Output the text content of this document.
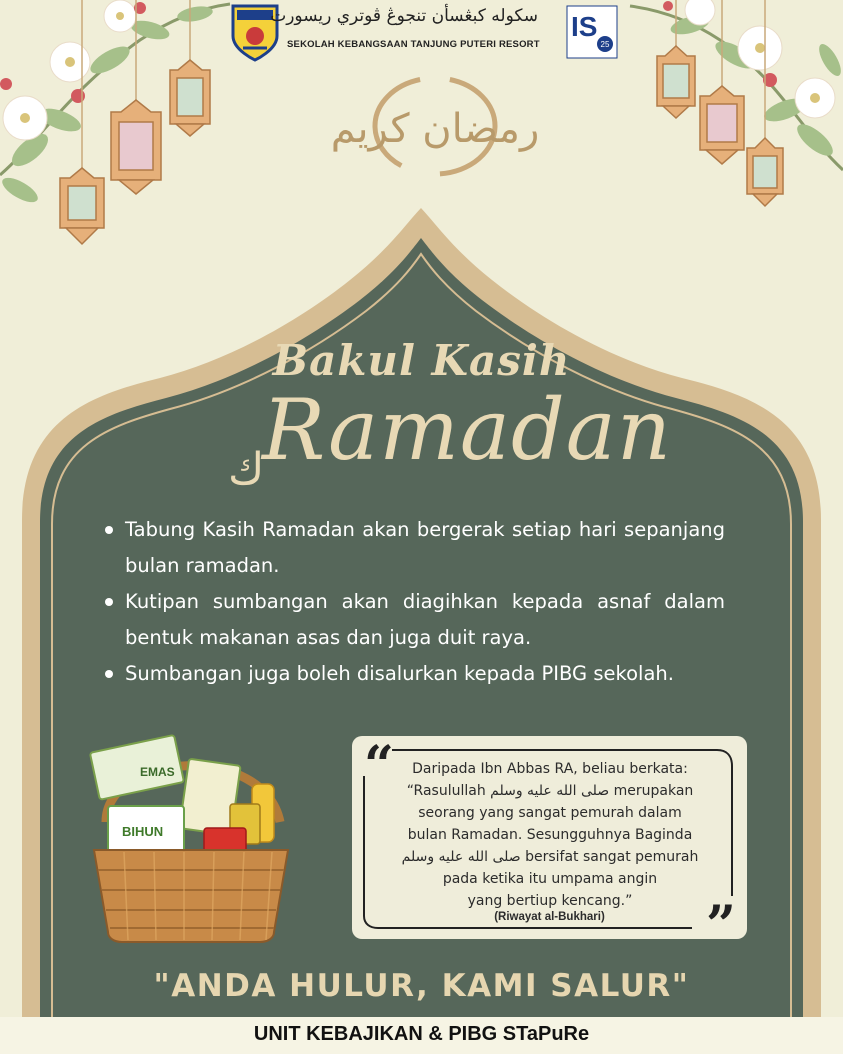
سکوله کبڠسأن تنجوڠ ڤوتري ريسورت
SEKOLAH KEBANGSAAN TANJUNG PUTERI RESORT
IS
25
رمضان كريم
Bakul Kasih
ك
Ramadan
Tabung Kasih Ramadan akan bergerak setiap hari sepanjang bulan ramadan.
Kutipan sumbangan akan diagihkan kepada asnaf dalam bentuk makanan asas dan juga duit raya.
Sumbangan juga boleh disalurkan kepada PIBG sekolah.
EMAS
BIHUN
“
”
Daripada Ibn Abbas RA, beliau berkata:
“Rasulullah صلى الله عليه وسلم merupakan
seorang yang sangat pemurah dalam
bulan Ramadan. Sesungguhnya Baginda
صلى الله عليه وسلم bersifat sangat pemurah
pada ketika itu umpama angin
yang bertiup kencang.”
(Riwayat al-Bukhari)
"ANDA HULUR, KAMI SALUR"
UNIT KEBAJIKAN & PIBG STaPuRe
